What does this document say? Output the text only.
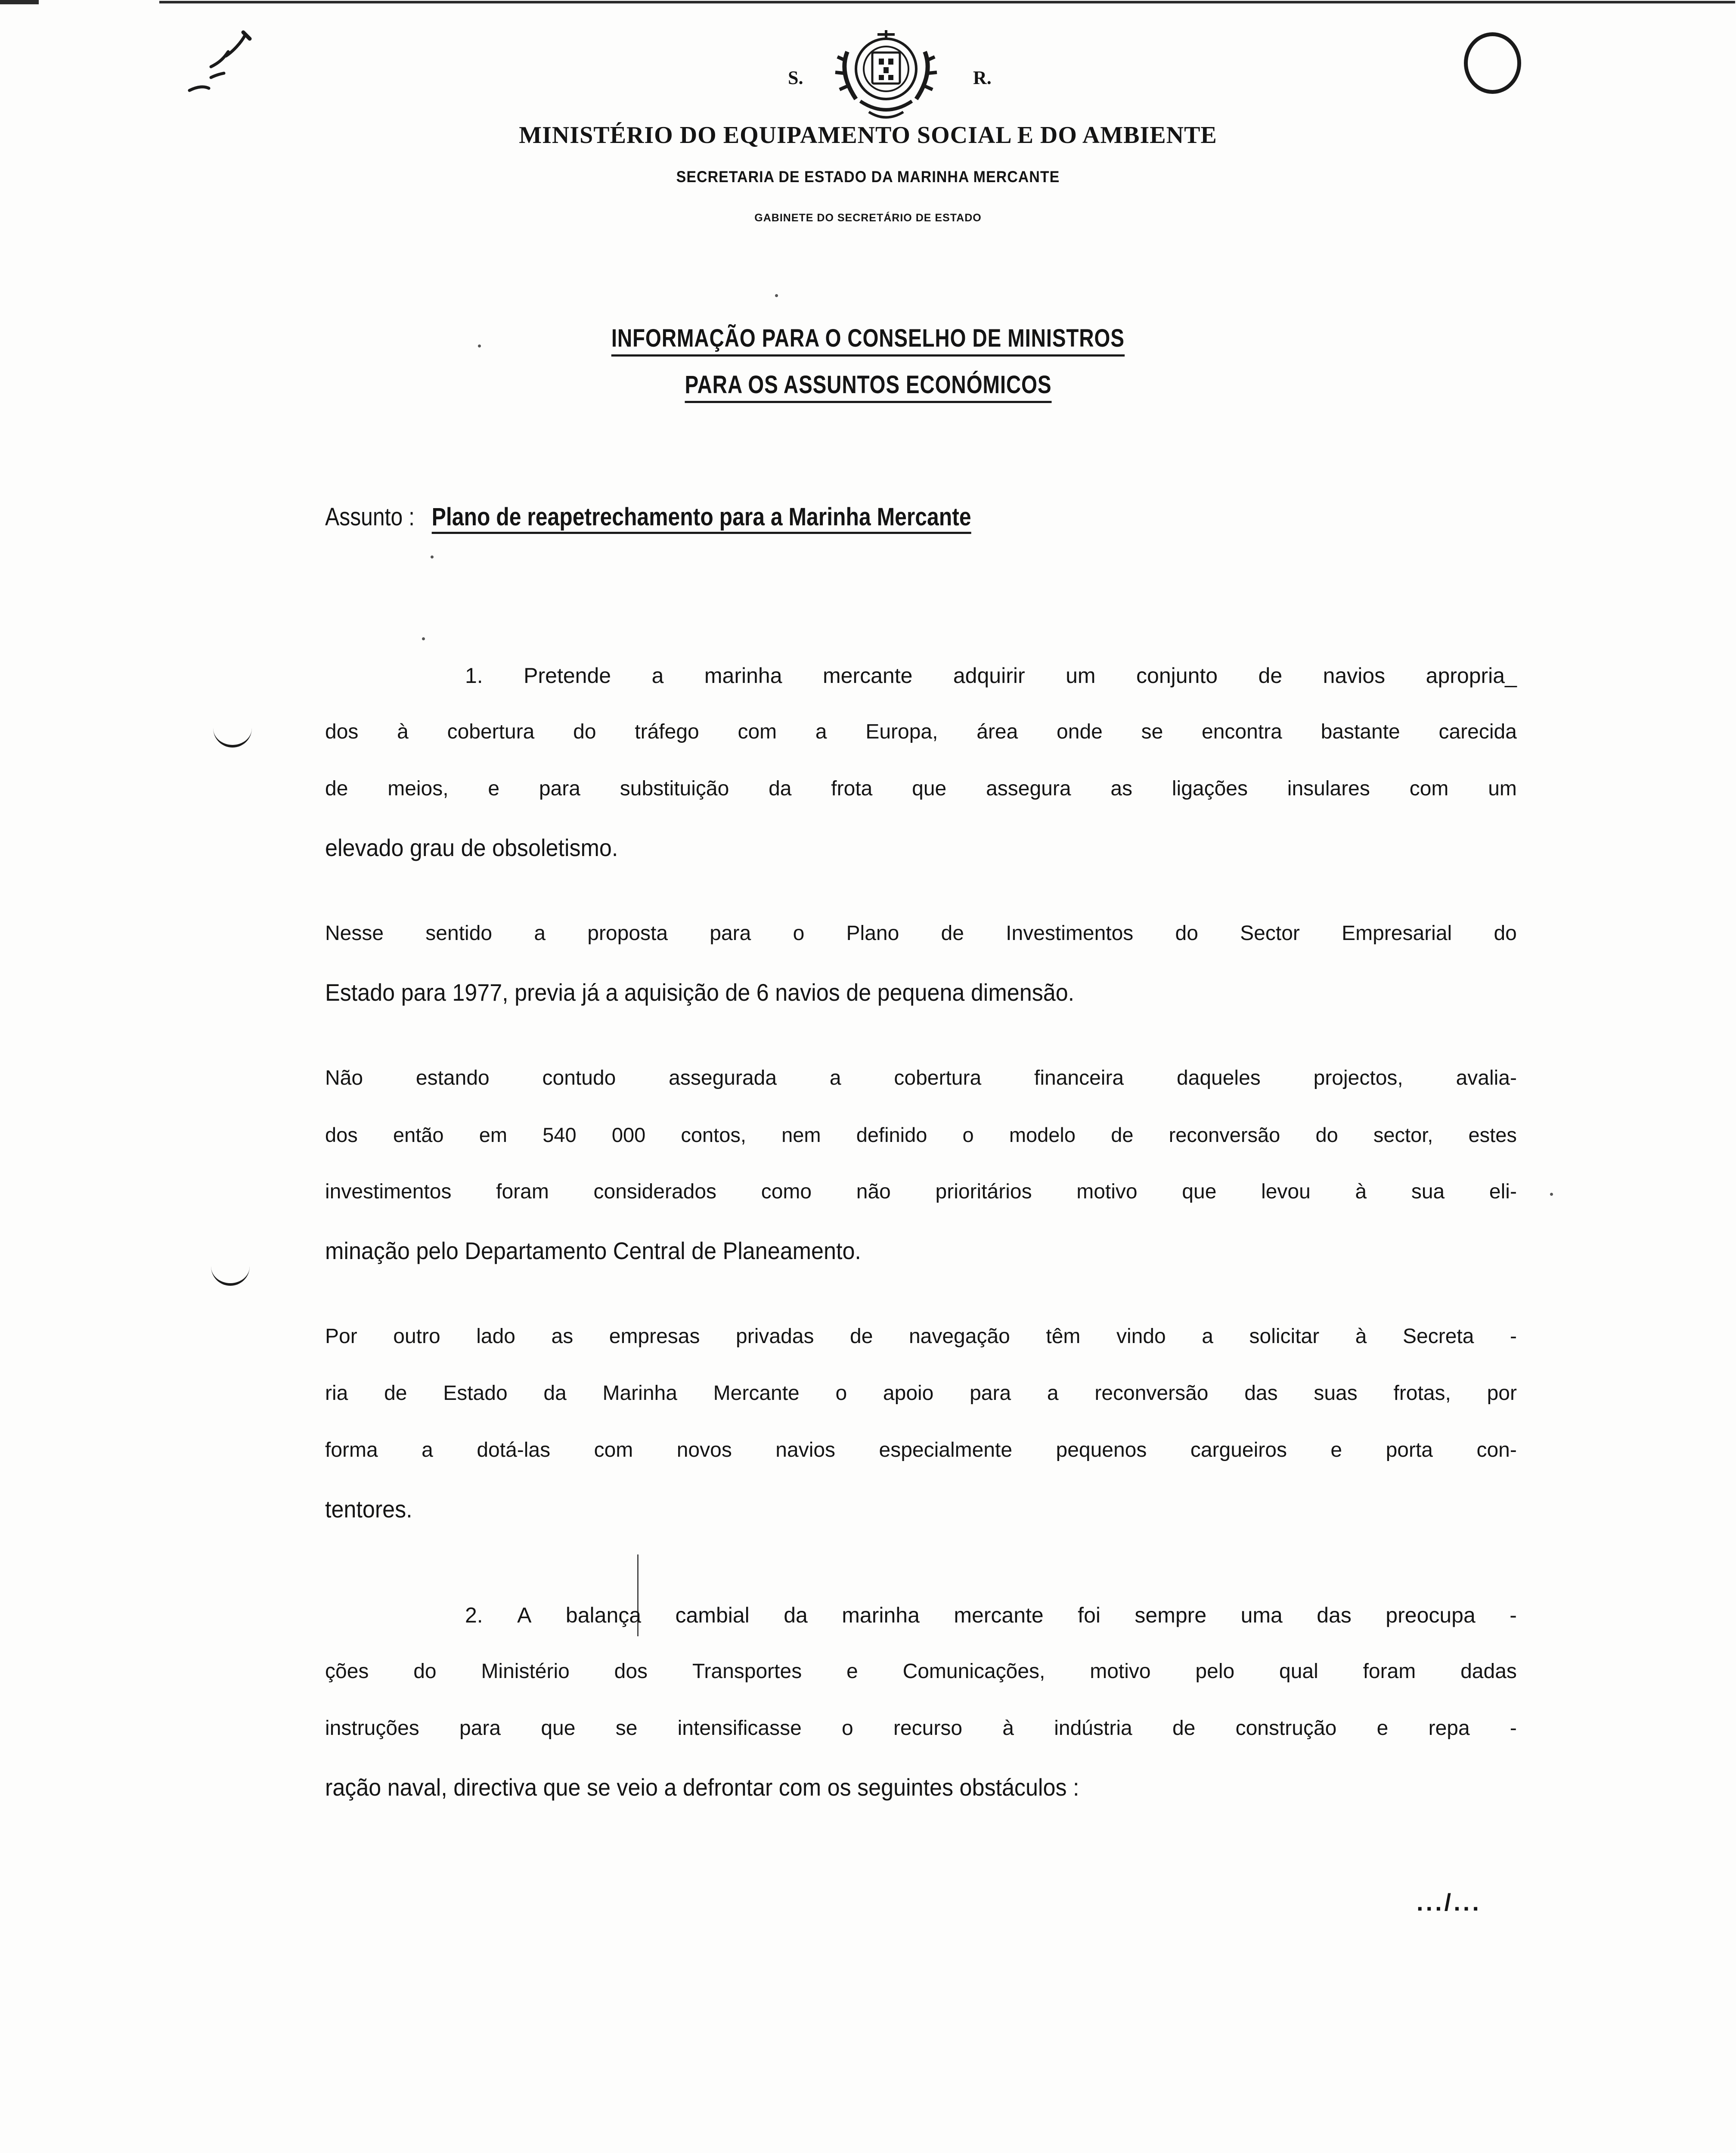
S.	R.
MINISTÉRIO DO EQUIPAMENTO SOCIAL E DO AMBIENTE
SECRETARIA DE ESTADO DA MARINHA MERCANTE
GABINETE DO SECRETÁRIO DE ESTADO
INFORMAÇÃO PARA O CONSELHO DE MINISTROS
PARA OS ASSUNTOS ECONÓMICOS
Assunto : Plano de reapetrechamento para a Marinha Mercante
1. Pretende a marinha mercante adquirir um conjunto de navios apropria_
dos à cobertura do tráfego com a Europa, área onde se encontra bastante carecida
de meios, e para substituição da frota que assegura as ligações insulares com um
elevado grau de obsoletismo.
Nesse sentido a proposta para o Plano de Investimentos do Sector Empresarial do
Estado para 1977, previa já a aquisição de 6 navios de pequena dimensão.
Não	estando	contudo	assegurada	a	cobertura	financeira	daqueles	projectos,	avalia-
dos então em 540 000 contos, nem definido o modelo de reconversão do sector, estes
investimentos foram considerados como não prioritários motivo que levou à sua eli-
minação pelo Departamento Central de Planeamento.
Por outro lado as empresas privadas de navegação têm vindo a solicitar à Secreta -
ria de Estado da Marinha Mercante o apoio para a reconversão das suas frotas, por
forma a dotá-las com novos navios especialmente pequenos cargueiros e porta con-
tentores.
2. A balança cambial da marinha mercante foi sempre uma das preocupa -
ções do Ministério dos Transportes e Comunicações, motivo pelo qual foram dadas
instruções para que se intensificasse o recurso à indústria de construção e repa -
ração naval, directiva que se veio a defrontar com os seguintes obstáculos :
.../...
